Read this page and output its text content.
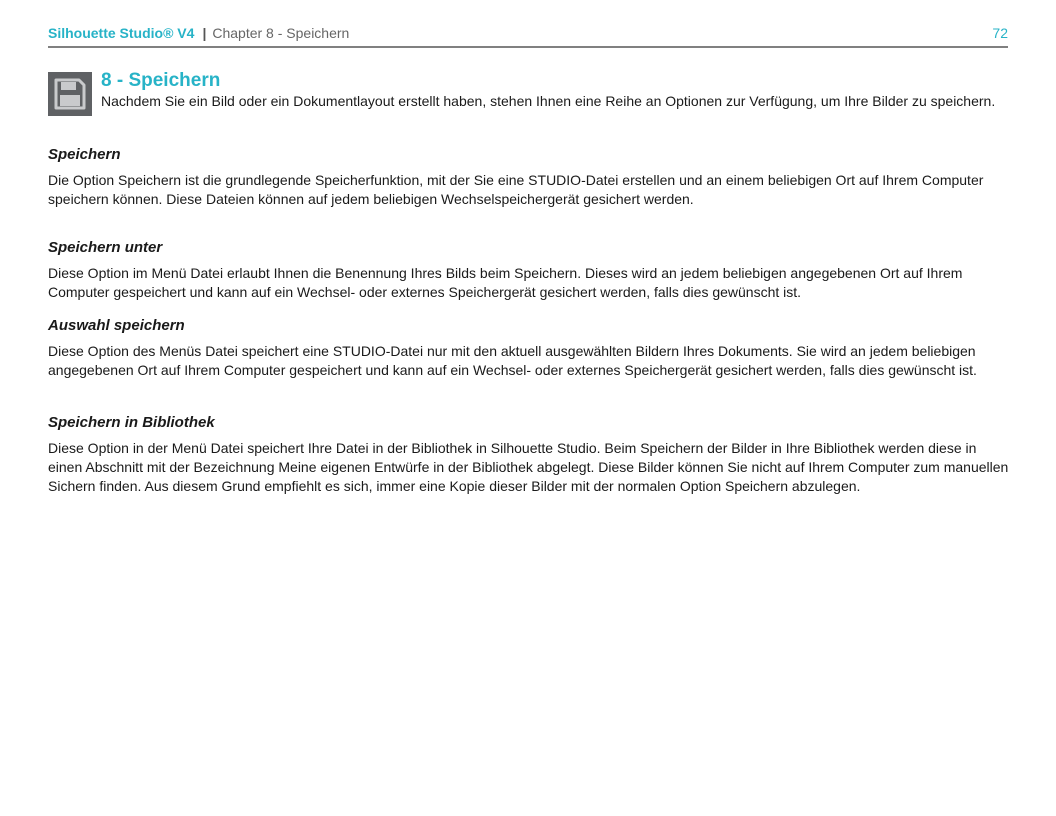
Silhouette Studio® V4 | Chapter 8 - Speichern	72
8 - Speichern

Nachdem Sie ein Bild oder ein Dokumentlayout erstellt haben, stehen Ihnen eine Reihe an Optionen zur Verfügung, um Ihre Bilder zu speichern.

Speichern

Die Option Speichern ist die grundlegende Speicherfunktion, mit der Sie eine STUDIO-Datei erstellen und an einem beliebigen Ort auf Ihrem Computer speichern können. Diese Dateien können auf jedem beliebigen Wechselspeichergerät gesichert werden.

Speichern unter

Diese Option im Menü Datei erlaubt Ihnen die Benennung Ihres Bilds beim Speichern. Dieses wird an jedem beliebigen angegebenen Ort auf Ihrem Computer gespeichert und kann auf ein Wechsel- oder externes Speichergerät gesichert werden, falls dies gewünscht ist.

Auswahl speichern

Diese Option des Menüs Datei speichert eine STUDIO-Datei nur mit den aktuell ausgewählten Bildern Ihres Dokuments. Sie wird an jedem beliebigen angegebenen Ort auf Ihrem Computer gespeichert und kann auf ein Wechsel- oder externes Speichergerät gesichert werden, falls dies gewünscht ist.

Speichern in Bibliothek

Diese Option in der Menü Datei speichert Ihre Datei in der Bibliothek in Silhouette Studio. Beim Speichern der Bilder in Ihre Bibliothek werden diese in einen Abschnitt mit der Bezeichnung Meine eigenen Entwürfe in der Bibliothek abgelegt. Diese Bilder können Sie nicht auf Ihrem Computer zum manuellen Sichern finden. Aus diesem Grund empfiehlt es sich, immer eine Kopie dieser Bilder mit der normalen Option Speichern abzulegen.
